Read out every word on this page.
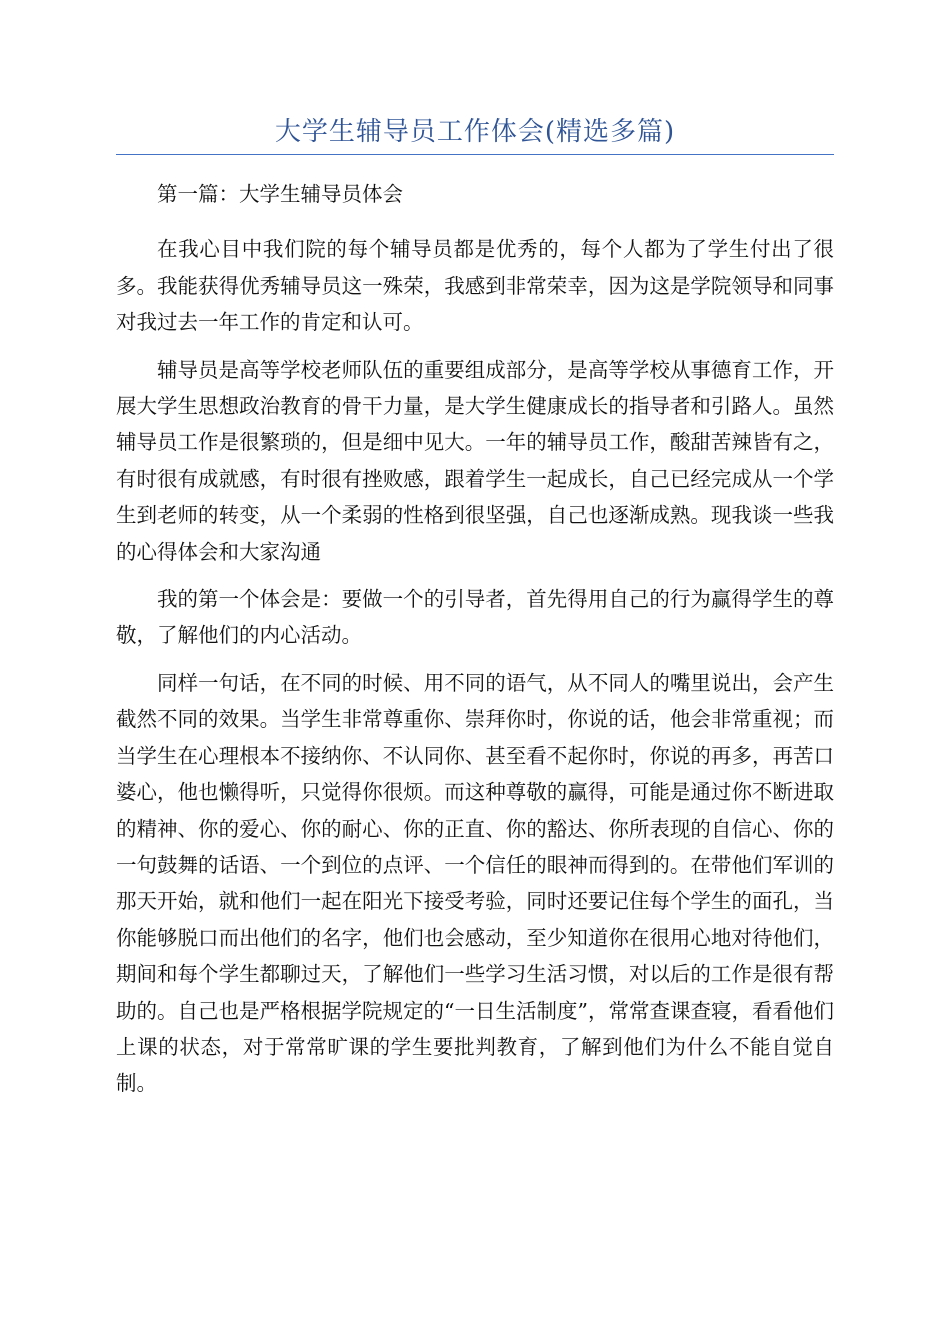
大学生辅导员工作体会(精选多篇)

第一篇：大学生辅导员体会

在我心目中我们院的每个辅导员都是优秀的，每个人都为了学生付出了很多。我能获得优秀辅导员这一殊荣，我感到非常荣幸，因为这是学院领导和同事对我过去一年工作的肯定和认可。

辅导员是高等学校老师队伍的重要组成部分，是高等学校从事德育工作，开展大学生思想政治教育的骨干力量，是大学生健康成长的指导者和引路人。虽然辅导员工作是很繁琐的，但是细中见大。一年的辅导员工作，酸甜苦辣皆有之，有时很有成就感，有时很有挫败感，跟着学生一起成长，自己已经完成从一个学生到老师的转变，从一个柔弱的性格到很坚强，自己也逐渐成熟。现我谈一些我的心得体会和大家沟通

我的第一个体会是：要做一个的引导者，首先得用自己的行为赢得学生的尊敬，了解他们的内心活动。

同样一句话，在不同的时候、用不同的语气，从不同人的嘴里说出，会产生截然不同的效果。当学生非常尊重你、崇拜你时，你说的话，他会非常重视；而当学生在心理根本不接纳你、不认同你、甚至看不起你时，你说的再多，再苦口婆心，他也懒得听，只觉得你很烦。而这种尊敬的赢得，可能是通过你不断进取的精神、你的爱心、你的耐心、你的正直、你的豁达、你所表现的自信心、你的一句鼓舞的话语、一个到位的点评、一个信任的眼神而得到的。在带他们军训的那天开始，就和他们一起在阳光下接受考验，同时还要记住每个学生的面孔，当你能够脱口而出他们的名字，他们也会感动，至少知道你在很用心地对待他们，期间和每个学生都聊过天，了解他们一些学习生活习惯，对以后的工作是很有帮助的。自己也是严格根据学院规定的“一日生活制度”，常常查课查寝，看看他们上课的状态，对于常常旷课的学生要批判教育，了解到他们为什么不能自觉自制。
